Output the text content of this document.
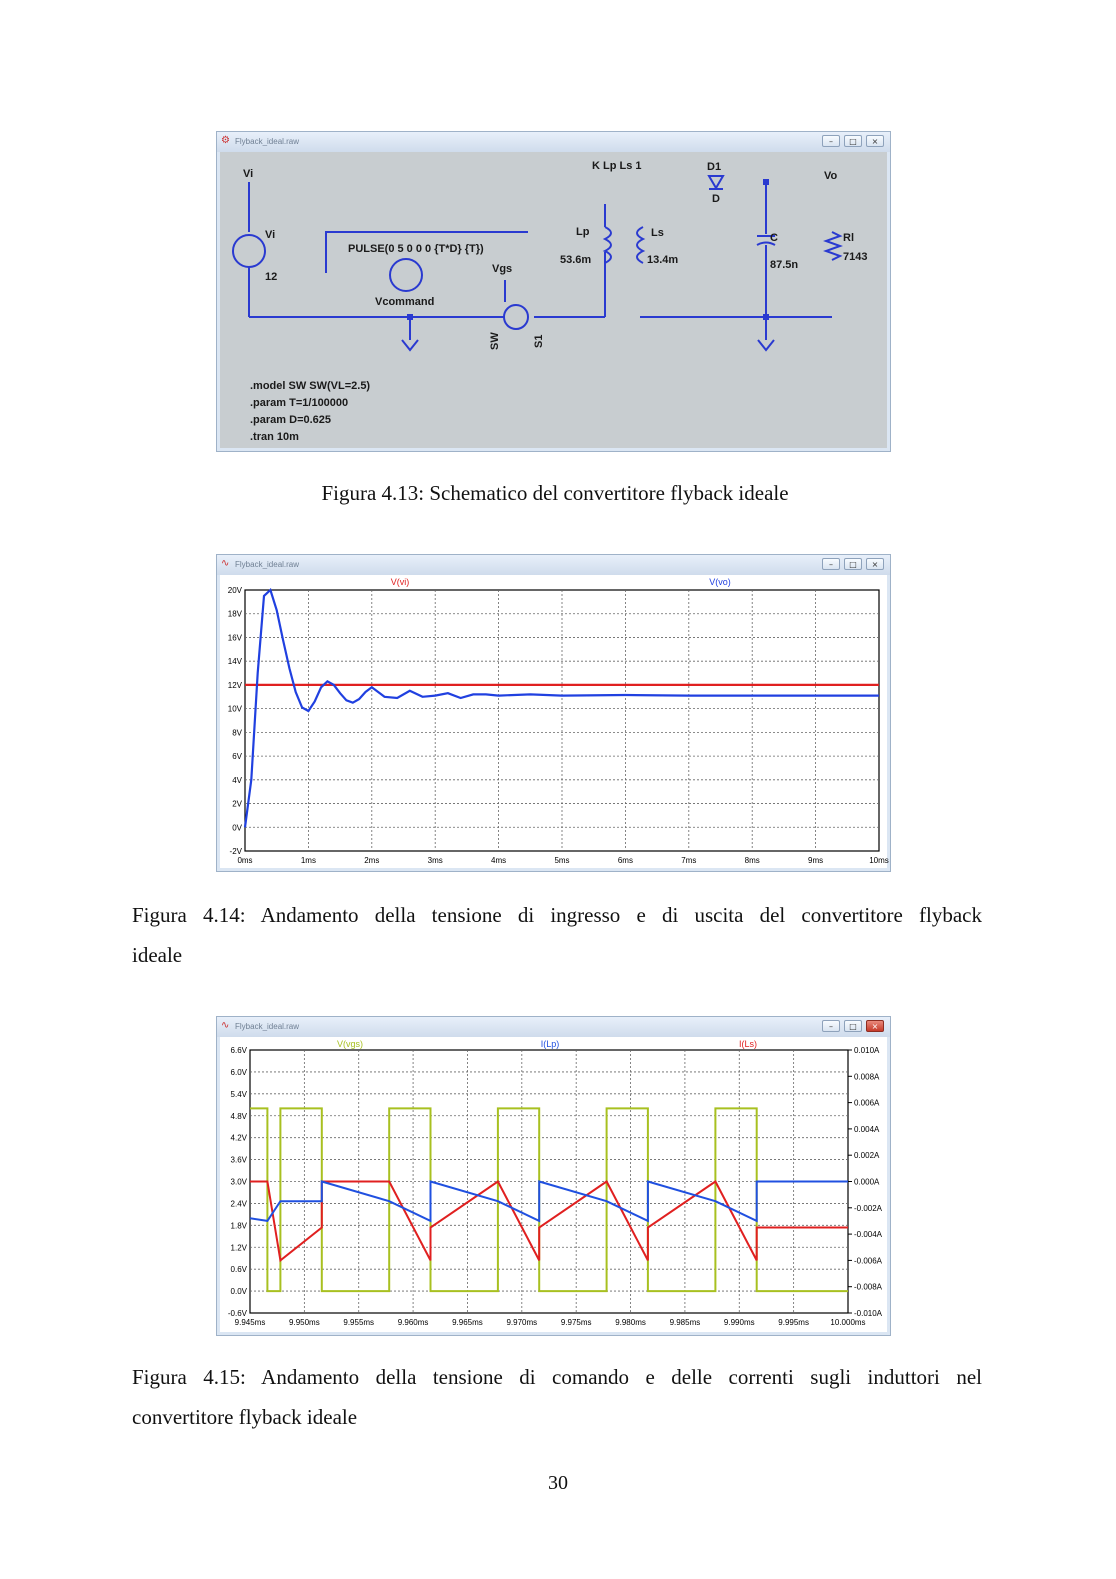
⚙ Flyback_ideal.raw	–	□	×
Vi
Vi
12
PULSE(0 5 0 0 0 {T*D} {T})
Vcommand
Vgs
SW	S1
K Lp Ls 1
Lp
53.6m
Ls
13.4m
D1
D
Vo
C
87.5n
Rl
7143
.model SW SW(VL=2.5)
.param T=1/100000
.param D=0.625
.tran 10m
Figura 4.13: Schematico del convertitore flyback ideale
∿ Flyback_ideal.raw	–	□	×
0ms	1ms	2ms	3ms	4ms	5ms	6ms	7ms	8ms	9ms	10ms
20V
18V
16V
14V
12V
10V
8V
6V
4V
2V
0V
-2V
V(vi)	V(vo)
Figura 4.14: Andamento della tensione di ingresso e di uscita del convertitore flyback
ideale
∿ Flyback_ideal.raw	–	□	×
9.945ms	9.950ms	9.955ms	9.960ms	9.965ms	9.970ms	9.975ms	9.980ms	9.985ms	9.990ms	9.995ms	10.000ms
6.6V
6.0V
5.4V
4.8V
4.2V
3.6V
3.0V
2.4V
1.8V
1.2V
0.6V
0.0V
-0.6V
0.010A
0.008A
0.006A
0.004A
0.002A
0.000A
-0.002A
-0.004A
-0.006A
-0.008A
-0.010A
V(vgs)	I(Lp)	I(Ls)
Figura 4.15: Andamento della tensione di comando e delle correnti sugli induttori nel
convertitore flyback ideale
30
